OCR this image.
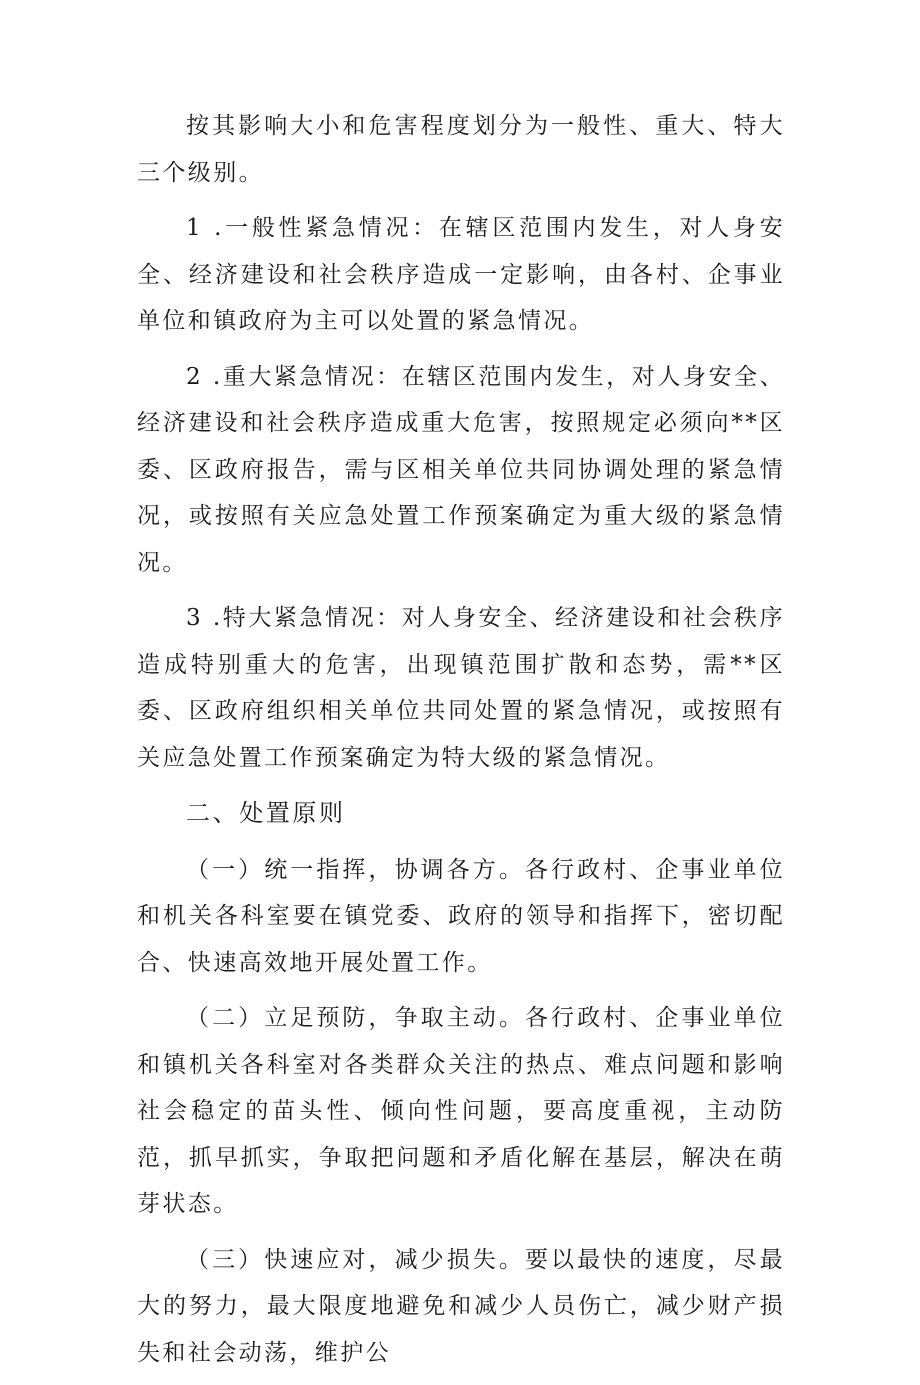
按其影响大小和危害程度划分为一般性、重大、特大三个级别。

1 .一般性紧急情况：在辖区范围内发生，对人身安全、经济建设和社会秩序造成一定影响，由各村、企事业单位和镇政府为主可以处置的紧急情况。

2 .重大紧急情况：在辖区范围内发生，对人身安全、经济建设和社会秩序造成重大危害，按照规定必须向**区委、区政府报告，需与区相关单位共同协调处理的紧急情况，或按照有关应急处置工作预案确定为重大级的紧急情况。

3 .特大紧急情况：对人身安全、经济建设和社会秩序造成特别重大的危害，出现镇范围扩散和态势，需**区委、区政府组织相关单位共同处置的紧急情况，或按照有关应急处置工作预案确定为特大级的紧急情况。

二、处置原则

（一）统一指挥，协调各方。各行政村、企事业单位和机关各科室要在镇党委、政府的领导和指挥下，密切配合、快速高效地开展处置工作。

（二）立足预防，争取主动。各行政村、企事业单位和镇机关各科室对各类群众关注的热点、难点问题和影响社会稳定的苗头性、倾向性问题，要高度重视，主动防范，抓早抓实，争取把问题和矛盾化解在基层，解决在萌芽状态。

（三）快速应对，减少损失。要以最快的速度，尽最大的努力，最大限度地避免和减少人员伤亡，减少财产损失和社会动荡，维护公
